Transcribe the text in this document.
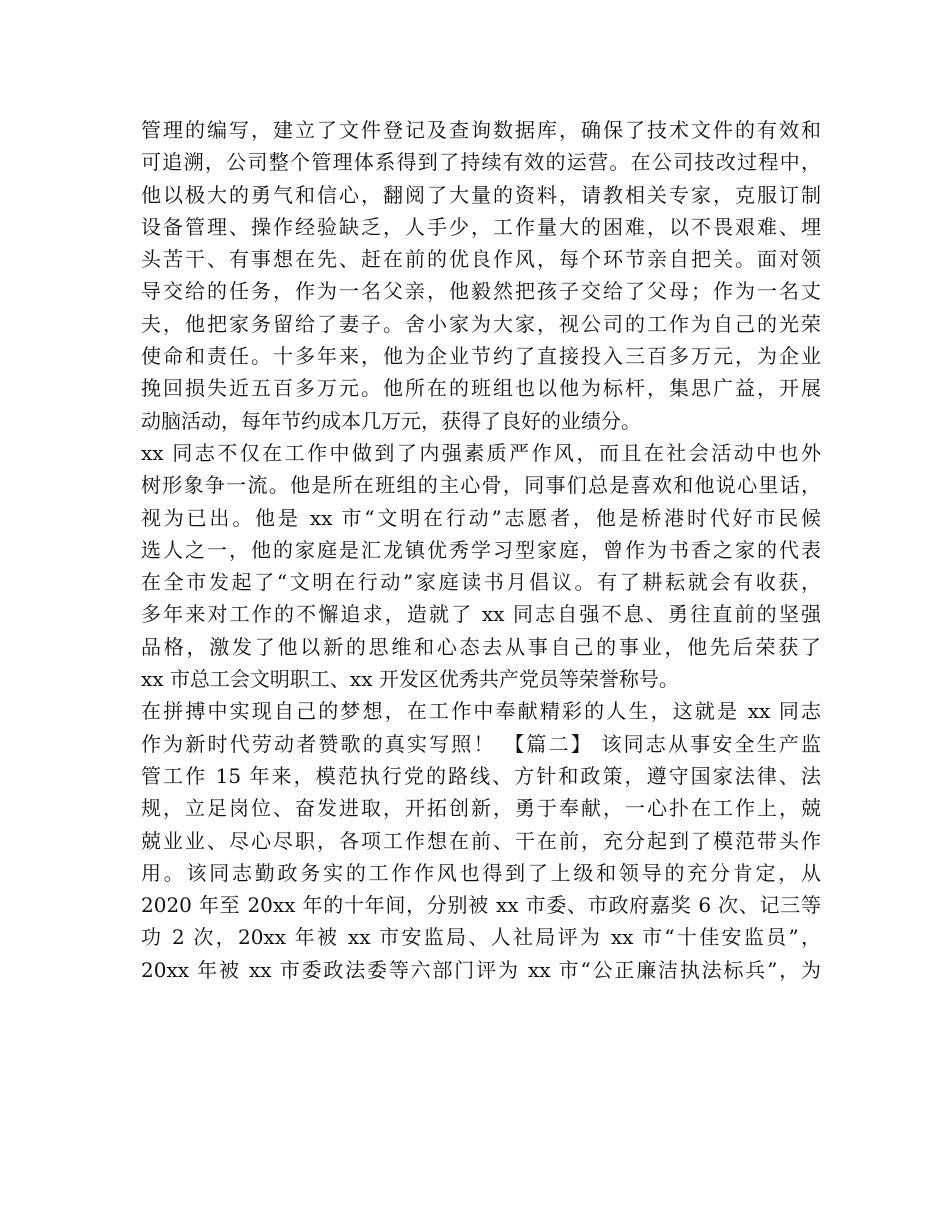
管理的编写，建立了文件登记及查询数据库，确保了技术文件的有效和
可追溯，公司整个管理体系得到了持续有效的运营。在公司技改过程中，
他以极大的勇气和信心，翻阅了大量的资料，请教相关专家，克服订制
设备管理、操作经验缺乏，人手少，工作量大的困难，以不畏艰难、埋
头苦干、有事想在先、赶在前的优良作风，每个环节亲自把关。面对领
导交给的任务，作为一名父亲，他毅然把孩子交给了父母；作为一名丈
夫，他把家务留给了妻子。舍小家为大家，视公司的工作为自己的光荣
使命和责任。十多年来，他为企业节约了直接投入三百多万元，为企业
挽回损失近五百多万元。他所在的班组也以他为标杆，集思广益，开展
动脑活动，每年节约成本几万元，获得了良好的业绩分。
xx 同志不仅在工作中做到了内强素质严作风，而且在社会活动中也外
树形象争一流。他是所在班组的主心骨，同事们总是喜欢和他说心里话，
视为已出。他是 xx 市“文明在行动”志愿者，他是桥港时代好市民候
选人之一，他的家庭是汇龙镇优秀学习型家庭，曾作为书香之家的代表
在全市发起了“文明在行动”家庭读书月倡议。有了耕耘就会有收获，
多年来对工作的不懈追求，造就了 xx 同志自强不息、勇往直前的坚强
品格，激发了他以新的思维和心态去从事自己的事业，他先后荣获了
xx 市总工会文明职工、xx 开发区优秀共产党员等荣誉称号。
在拼搏中实现自己的梦想，在工作中奉献精彩的人生，这就是 xx 同志
作为新时代劳动者赞歌的真实写照！ 【篇二】 该同志从事安全生产监
管工作 15 年来，模范执行党的路线、方针和政策，遵守国家法律、法
规，立足岗位、奋发进取，开拓创新，勇于奉献，一心扑在工作上，兢
兢业业、尽心尽职，各项工作想在前、干在前，充分起到了模范带头作
用。该同志勤政务实的工作作风也得到了上级和领导的充分肯定，从
2020 年至 20xx 年的十年间，分别被 xx 市委、市政府嘉奖 6 次、记三等
功 2 次，20xx 年被 xx 市安监局、人社局评为 xx 市“十佳安监员”，
20xx 年被 xx 市委政法委等六部门评为 xx 市“公正廉洁执法标兵”，为
